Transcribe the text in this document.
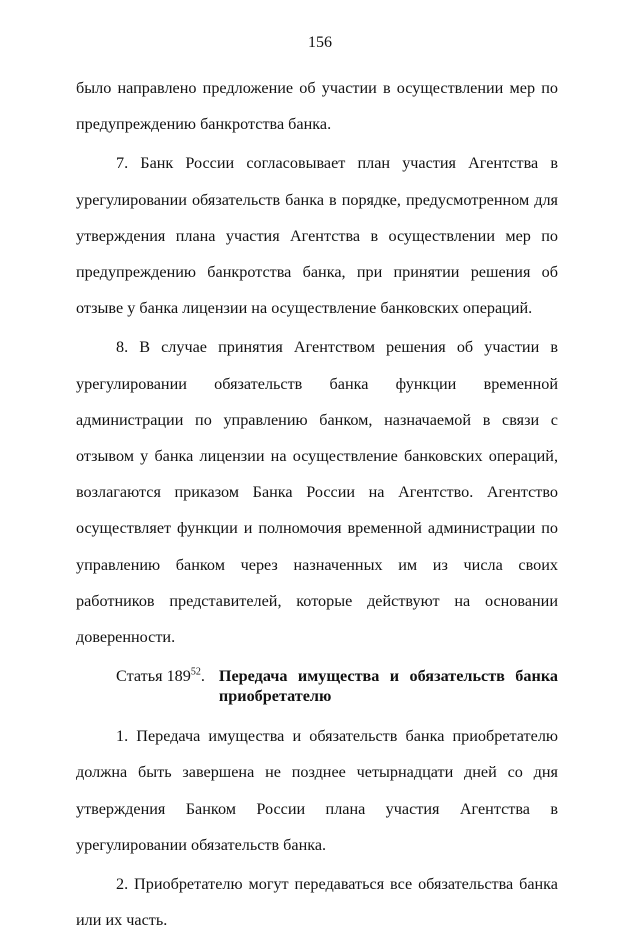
156

было направлено предложение об участии в осуществлении мер по предупреждению банкротства банка.

7. Банк России согласовывает план участия Агентства в урегулировании обязательств банка в порядке, предусмотренном для утверждения плана участия Агентства в осуществлении мер по предупреждению банкротства банка, при принятии решения об отзыве у банка лицензии на осуществление банковских операций.

8. В случае принятия Агентством решения об участии в урегулировании обязательств банка функции временной администрации по управлению банком, назначаемой в связи с отзывом у банка лицензии на осуществление банковских операций, возлагаются приказом Банка России на Агентство. Агентство осуществляет функции и полномочия временной администрации по управлению банком через назначенных им из числа своих работников представителей, которые действуют на основании доверенности.

Статья $189^{52}$. Передача имущества и обязательств банка приобретателю

1. Передача имущества и обязательств банка приобретателю должна быть завершена не позднее четырнадцати дней со дня утверждения Банком России плана участия Агентства в урегулировании обязательств банка.

2. Приобретателю могут передаваться все обязательства банка или их часть.
